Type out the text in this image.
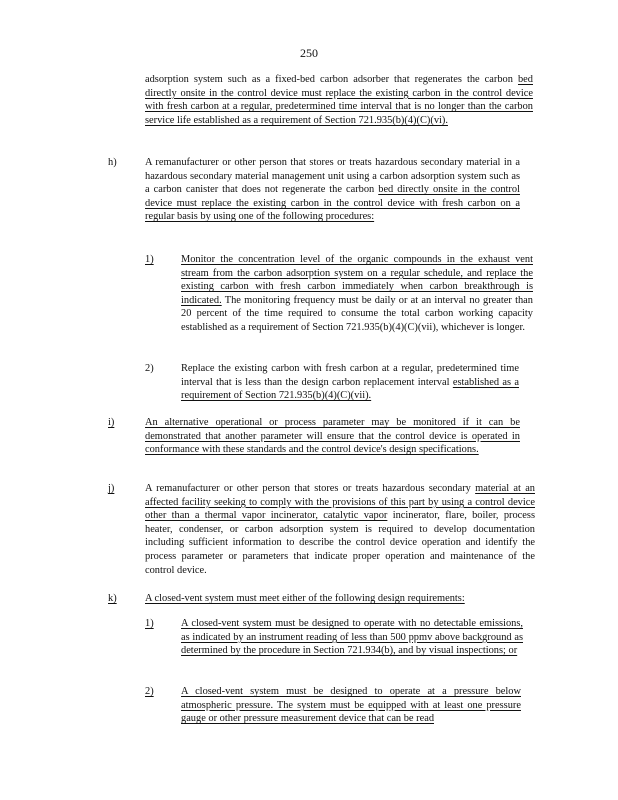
250
adsorption system such as a fixed-bed carbon adsorber that regenerates the carbon bed directly onsite in the control device must replace the existing carbon in the control device with fresh carbon at a regular, predetermined time interval that is no longer than the carbon service life established as a requirement of Section 721.935(b)(4)(C)(vi).
h)	A remanufacturer or other person that stores or treats hazardous secondary material in a hazardous secondary material management unit using a carbon adsorption system such as a carbon canister that does not regenerate the carbon bed directly onsite in the control device must replace the existing carbon in the control device with fresh carbon on a regular basis by using one of the following procedures:
1)	Monitor the concentration level of the organic compounds in the exhaust vent stream from the carbon adsorption system on a regular schedule, and replace the existing carbon with fresh carbon immediately when carbon breakthrough is indicated. The monitoring frequency must be daily or at an interval no greater than 20 percent of the time required to consume the total carbon working capacity established as a requirement of Section 721.935(b)(4)(C)(vii), whichever is longer.
2)	Replace the existing carbon with fresh carbon at a regular, predetermined time interval that is less than the design carbon replacement interval established as a requirement of Section 721.935(b)(4)(C)(vii).
i)	An alternative operational or process parameter may be monitored if it can be demonstrated that another parameter will ensure that the control device is operated in conformance with these standards and the control device's design specifications.
j)	A remanufacturer or other person that stores or treats hazardous secondary material at an affected facility seeking to comply with the provisions of this part by using a control device other than a thermal vapor incinerator, catalytic vapor incinerator, flare, boiler, process heater, condenser, or carbon adsorption system is required to develop documentation including sufficient information to describe the control device operation and identify the process parameter or parameters that indicate proper operation and maintenance of the control device.
k)	A closed-vent system must meet either of the following design requirements:
1)	A closed-vent system must be designed to operate with no detectable emissions, as indicated by an instrument reading of less than 500 ppmv above background as determined by the procedure in Section 721.934(b), and by visual inspections; or
2)	A closed-vent system must be designed to operate at a pressure below atmospheric pressure. The system must be equipped with at least one pressure gauge or other pressure measurement device that can be read
